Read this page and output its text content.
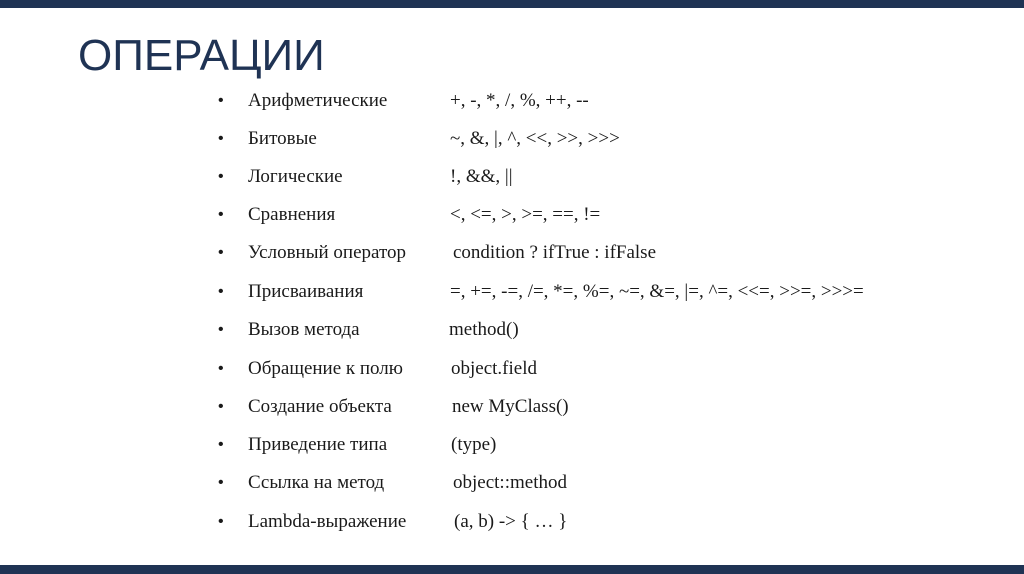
ОПЕРАЦИИ
• Арифметические	+, -, *, /, %, ++, --
• Битовые	~, &, |, ^, <<, >>, >>>
• Логические	!, &&, ||
• Сравнения	<, <=, >, >=, ==, !=
• Условный оператор condition ? ifTrue : ifFalse
• Присваивания	=, +=, -=, /=, *=, %=, ~=, &=, |=, ^=, <<=, >>=, >>>=
• Вызов метода	method()
• Обращение к полю	object.field
• Создание объекта	new MyClass()
• Приведение типа	(type)
• Ссылка на метод	object::method
• Lambda-выражение	(a, b) -> { … }
